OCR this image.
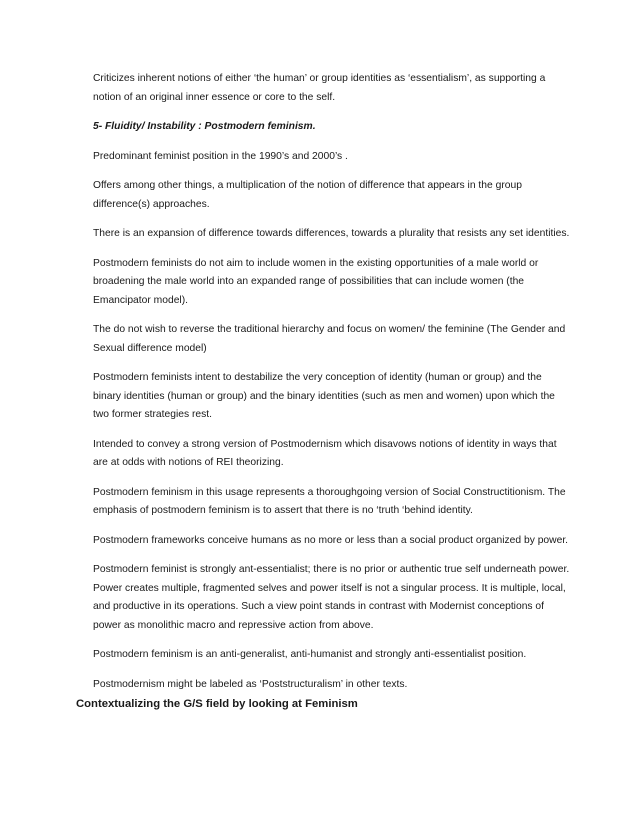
Criticizes inherent notions of either ‘the human’ or group identities as ‘essentialism’, as supporting a notion of an original inner essence or core to the self.

5- Fluidity/ Instability : Postmodern feminism.

Predominant feminist position in the 1990’s and 2000’s .

Offers among other things, a multiplication of the notion of difference that appears in the group difference(s) approaches.

There is an expansion of difference towards differences, towards a plurality that resists any set identities.

Postmodern feminists do not aim to include women in the existing opportunities of a male world or broadening the male world into an expanded range of possibilities that can include women (the Emancipator model).

The do not wish to reverse the traditional hierarchy and focus on women/ the feminine (The Gender and Sexual difference model)

Postmodern feminists intent to destabilize the very conception of identity (human or group) and the binary identities (human or group) and the binary identities (such as men and women) upon which the two former strategies rest.

Intended to convey a strong version of Postmodernism which disavows notions of identity in ways that are at odds with notions of REI theorizing.

Postmodern feminism in this usage represents a thoroughgoing version of Social Constructitionism. The emphasis of postmodern feminism is to assert that there is no ‘truth ‘behind identity.

Postmodern frameworks conceive humans as no more or less than a social product organized by power.

Postmodern feminist is strongly ant-essentialist; there is no prior or authentic true self underneath power. Power creates multiple, fragmented selves and power itself is not a singular process. It is multiple, local, and productive in its operations. Such a view point stands in contrast with Modernist conceptions of power as monolithic macro and repressive action from above.

Postmodern feminism is an anti-generalist, anti-humanist and strongly anti-essentialist position.

Postmodernism might be labeled as ‘Poststructuralism’ in other texts.

Contextualizing the G/S field by looking at Feminism
